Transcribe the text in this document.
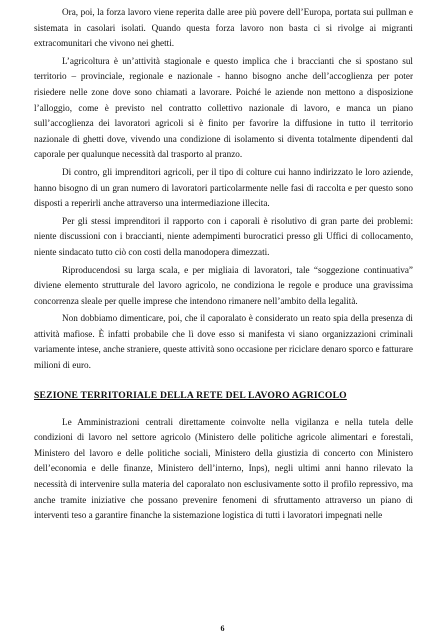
Ora, poi, la forza lavoro viene reperita dalle aree più povere dell’Europa, portata sui pullman e sistemata in casolari isolati. Quando questa forza lavoro non basta ci si rivolge ai migranti extracomunitari che vivono nei ghetti.

L’agricoltura è un’attività stagionale e questo implica che i braccianti che si spostano sul territorio – provinciale, regionale e nazionale - hanno bisogno anche dell’accoglienza per poter risiedere nelle zone dove sono chiamati a lavorare. Poiché le aziende non mettono a disposizione l’alloggio, come è previsto nel contratto collettivo nazionale di lavoro, e manca un piano sull’accoglienza dei lavoratori agricoli si è finito per favorire la diffusione in tutto il territorio nazionale di ghetti dove, vivendo una condizione di isolamento si diventa totalmente dipendenti dal caporale per qualunque necessità dal trasporto al pranzo.

Di contro, gli imprenditori agricoli, per il tipo di colture cui hanno indirizzato le loro aziende, hanno bisogno di un gran numero di lavoratori particolarmente nelle fasi di raccolta e per questo sono disposti a reperirli anche attraverso una intermediazione illecita.

Per gli stessi imprenditori il rapporto con i caporali è risolutivo di gran parte dei problemi: niente discussioni con i braccianti, niente adempimenti burocratici presso gli Uffici di collocamento, niente sindacato tutto ciò con costi della manodopera dimezzati.

Riproducendosi su larga scala, e per migliaia di lavoratori, tale “soggezione continuativa” diviene elemento strutturale del lavoro agricolo, ne condiziona le regole e produce una gravissima concorrenza sleale per quelle imprese che intendono rimanere nell’ambito della legalità.

Non dobbiamo dimenticare, poi, che il caporalato è considerato un reato spia della presenza di attività mafiose. È infatti probabile che lì dove esso si manifesta vi siano organizzazioni criminali variamente intese, anche straniere, queste attività sono occasione per riciclare denaro sporco e fatturare milioni di euro.

SEZIONE TERRITORIALE DELLA RETE DEL LAVORO AGRICOLO

Le Amministrazioni centrali direttamente coinvolte nella vigilanza e nella tutela delle condizioni di lavoro nel settore agricolo (Ministero delle politiche agricole alimentari e forestali, Ministero del lavoro e delle politiche sociali, Ministero della giustizia di concerto con Ministero dell’economia e delle finanze, Ministero dell’interno, Inps), negli ultimi anni hanno rilevato la necessità di intervenire sulla materia del caporalato non esclusivamente sotto il profilo repressivo, ma anche tramite iniziative che possano prevenire fenomeni di sfruttamento attraverso un piano di interventi teso a garantire finanche la sistemazione logistica di tutti i lavoratori impegnati nelle

6
